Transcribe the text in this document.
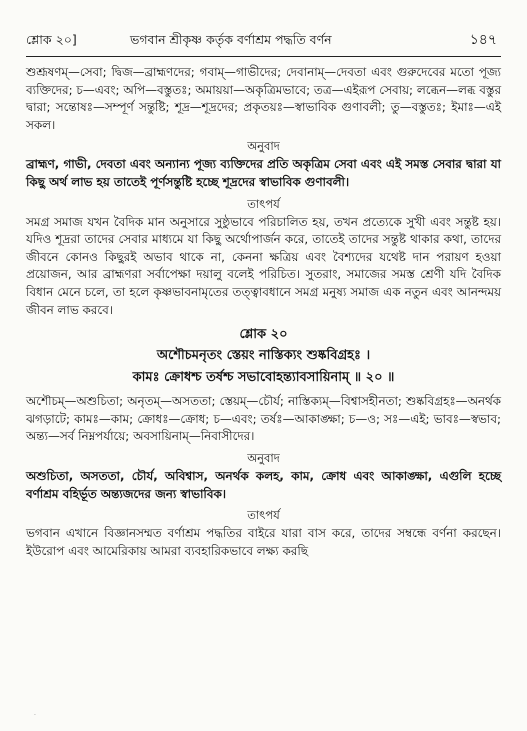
শ্লোক ২০]	ভগবান শ্রীকৃষ্ণ কর্তৃক বর্ণাশ্রম পদ্ধতি বর্ণন	১৪৭

শুশ্রূষণম্—সেবা; দ্বিজ—ব্রাহ্মণদের; গবাম্—গাভীদের; দেবানাম্—দেবতা এবং গুরুদেবের মতো পূজ্য ব্যক্তিদের; চ—এবং; অপি—বস্তুতঃ; অমায়য়া—অকৃত্রিমভাবে; তত্র—এইরূপ সেবায়; লব্ধেন—লব্ধ বস্তুর দ্বারা; সন্তোষঃ—সম্পূর্ণ সন্তুষ্টি; শূদ্র—শূদ্রদের; প্রকৃতয়ঃ—স্বাভাবিক গুণাবলী; তু—বস্তুতঃ; ইমাঃ—এই সকল।

অনুবাদ

ব্রাহ্মণ, গাভী, দেবতা এবং অন্যান্য পূজ্য ব্যক্তিদের প্রতি অকৃত্রিম সেবা এবং এই সমস্ত সেবার দ্বারা যা কিছু অর্থ লাভ হয় তাতেই পূর্ণসন্তুষ্টি হচ্ছে শূদ্রদের স্বাভাবিক গুণাবলী।

তাৎপর্য

সমগ্র সমাজ যখন বৈদিক মান অনুসারে সুষ্ঠুভাবে পরিচালিত হয়, তখন প্রত্যেকে সুখী এবং সন্তুষ্ট হয়। যদিও শূদ্ররা তাদের সেবার মাধ্যমে যা কিছু অর্থোপার্জন করে, তাতেই তাদের সন্তুষ্ট থাকার কথা, তাদের জীবনে কোনও কিছুরই অভাব থাকে না, কেননা ক্ষত্রিয় এবং বৈশ্যদের যথেষ্ট দান পরায়ণ হওয়া প্রয়োজন, আর ব্রাহ্মণরা সর্বাপেক্ষা দয়ালু বলেই পরিচিত। সুতরাং, সমাজের সমস্ত শ্রেণী যদি বৈদিক বিধান মেনে চলে, তা হলে কৃষ্ণভাবনামৃতের তত্ত্বাবধানে সমগ্র মনুষ্য সমাজ এক নতুন এবং আনন্দময় জীবন লাভ করবে।

শ্লোক ২০
অশৌচমনৃতং স্তেয়ং নাস্তিক্যং শুষ্কবিগ্রহঃ ।
কামঃ ক্রোধশ্চ তর্ষশ্চ সভাবোহন্ত্যাবসায়িনাম্ ॥ ২০ ॥

অশৌচম্—অশুচিতা; অনৃতম্—অসততা; স্তেয়ম্—চৌর্য; নাস্তিক্যম্—বিশ্বাসহীনতা; শুষ্কবিগ্রহঃ—অনর্থক ঝগড়াটে; কামঃ—কাম; ক্রোধঃ—ক্রোধ; চ—এবং; তর্ষঃ—আকাঙ্ক্ষা; চ—ও; সঃ—এই; ভাবঃ—স্বভাব; অন্ত্য—সর্ব নিম্নপর্যায়ে; অবসায়িনাম্—নিবাসীদের।

অনুবাদ

অশুচিতা, অসততা, চৌর্য, অবিশ্বাস, অনর্থক কলহ, কাম, ক্রোধ এবং আকাঙ্ক্ষা, এগুলি হচ্ছে বর্ণাশ্রম বহির্ভূত অন্ত্যজদের জন্য স্বাভাবিক।

তাৎপর্য

ভগবান এখানে বিজ্ঞানসম্মত বর্ণাশ্রম পদ্ধতির বাইরে যারা বাস করে, তাদের সম্বন্ধে বর্ণনা করছেন। ইউরোপ এবং আমেরিকায় আমরা ব্যবহারিকভাবে লক্ষ্য করছি

·
